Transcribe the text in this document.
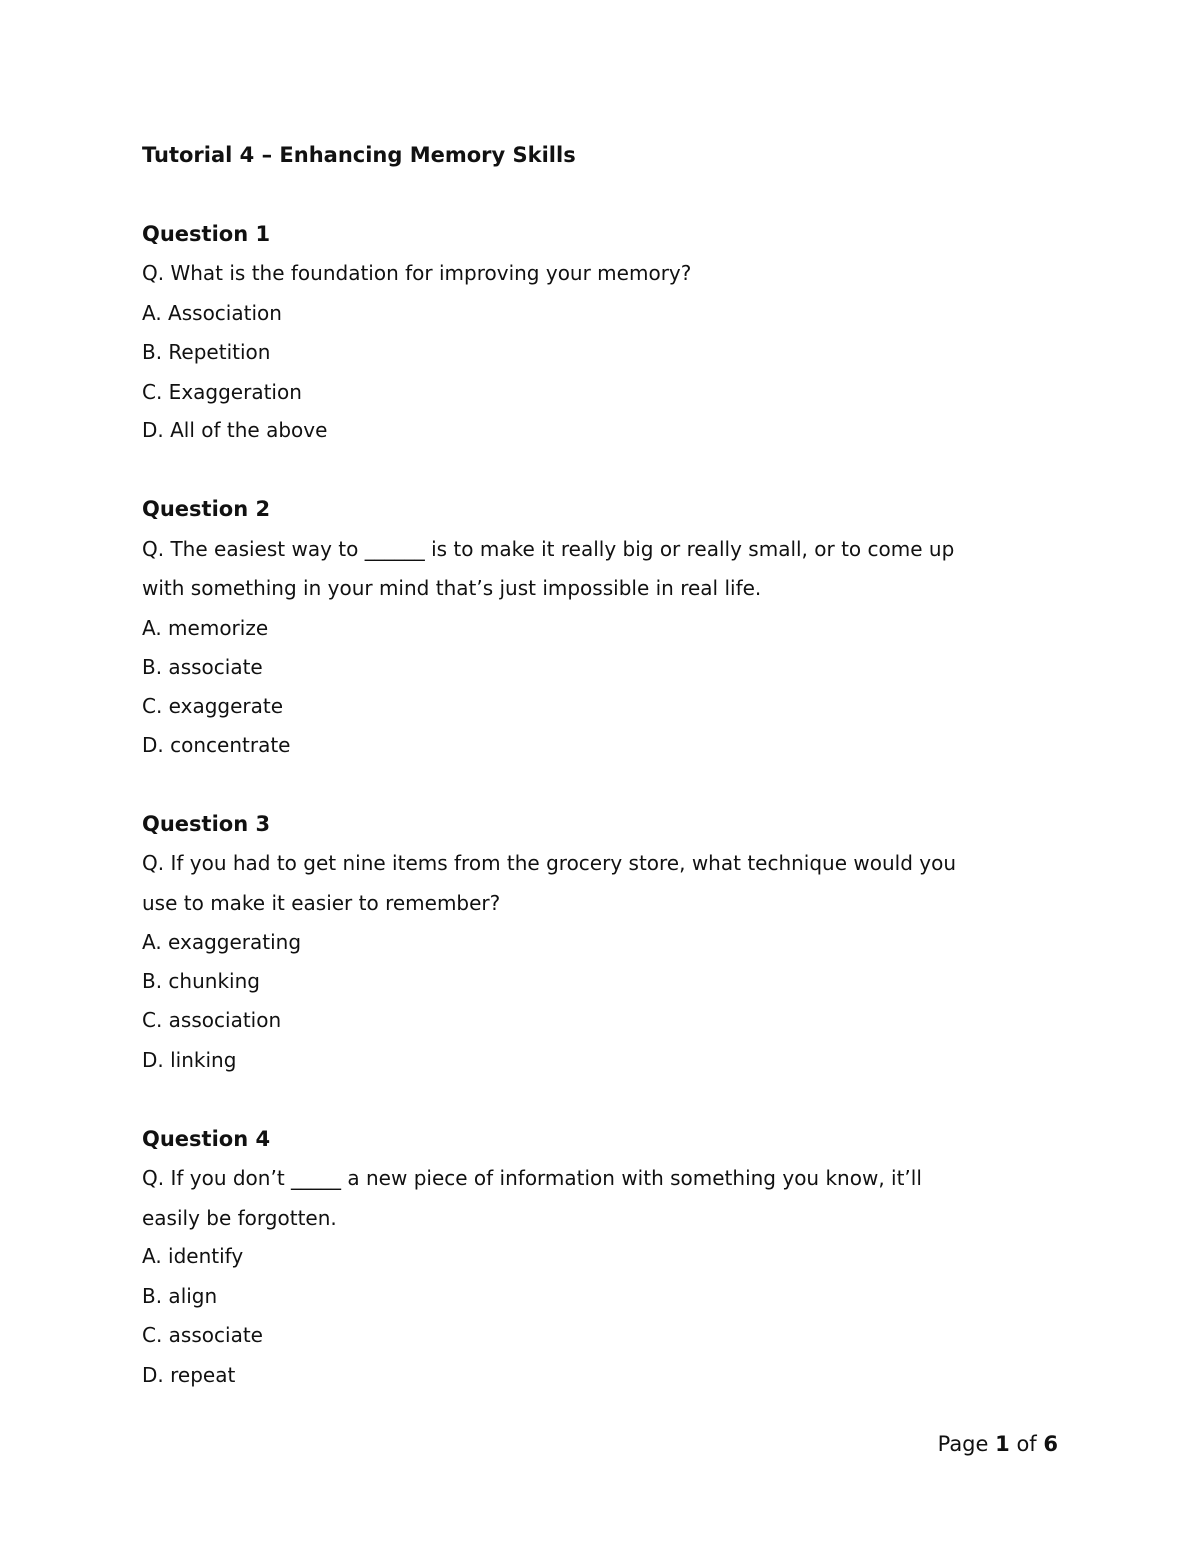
Tutorial 4 – Enhancing Memory Skills
Question 1
Q. What is the foundation for improving your memory?
A. Association
B. Repetition
C. Exaggeration
D. All of the above
Question 2
Q. The easiest way to ______ is to make it really big or really small, or to come up
with something in your mind that’s just impossible in real life.
A. memorize
B. associate
C. exaggerate
D. concentrate
Question 3
Q. If you had to get nine items from the grocery store, what technique would you
use to make it easier to remember?
A. exaggerating
B. chunking
C. association
D. linking
Question 4
Q. If you don’t _____ a new piece of information with something you know, it’ll
easily be forgotten.
A. identify
B. align
C. associate
D. repeat
Page 1 of 6
